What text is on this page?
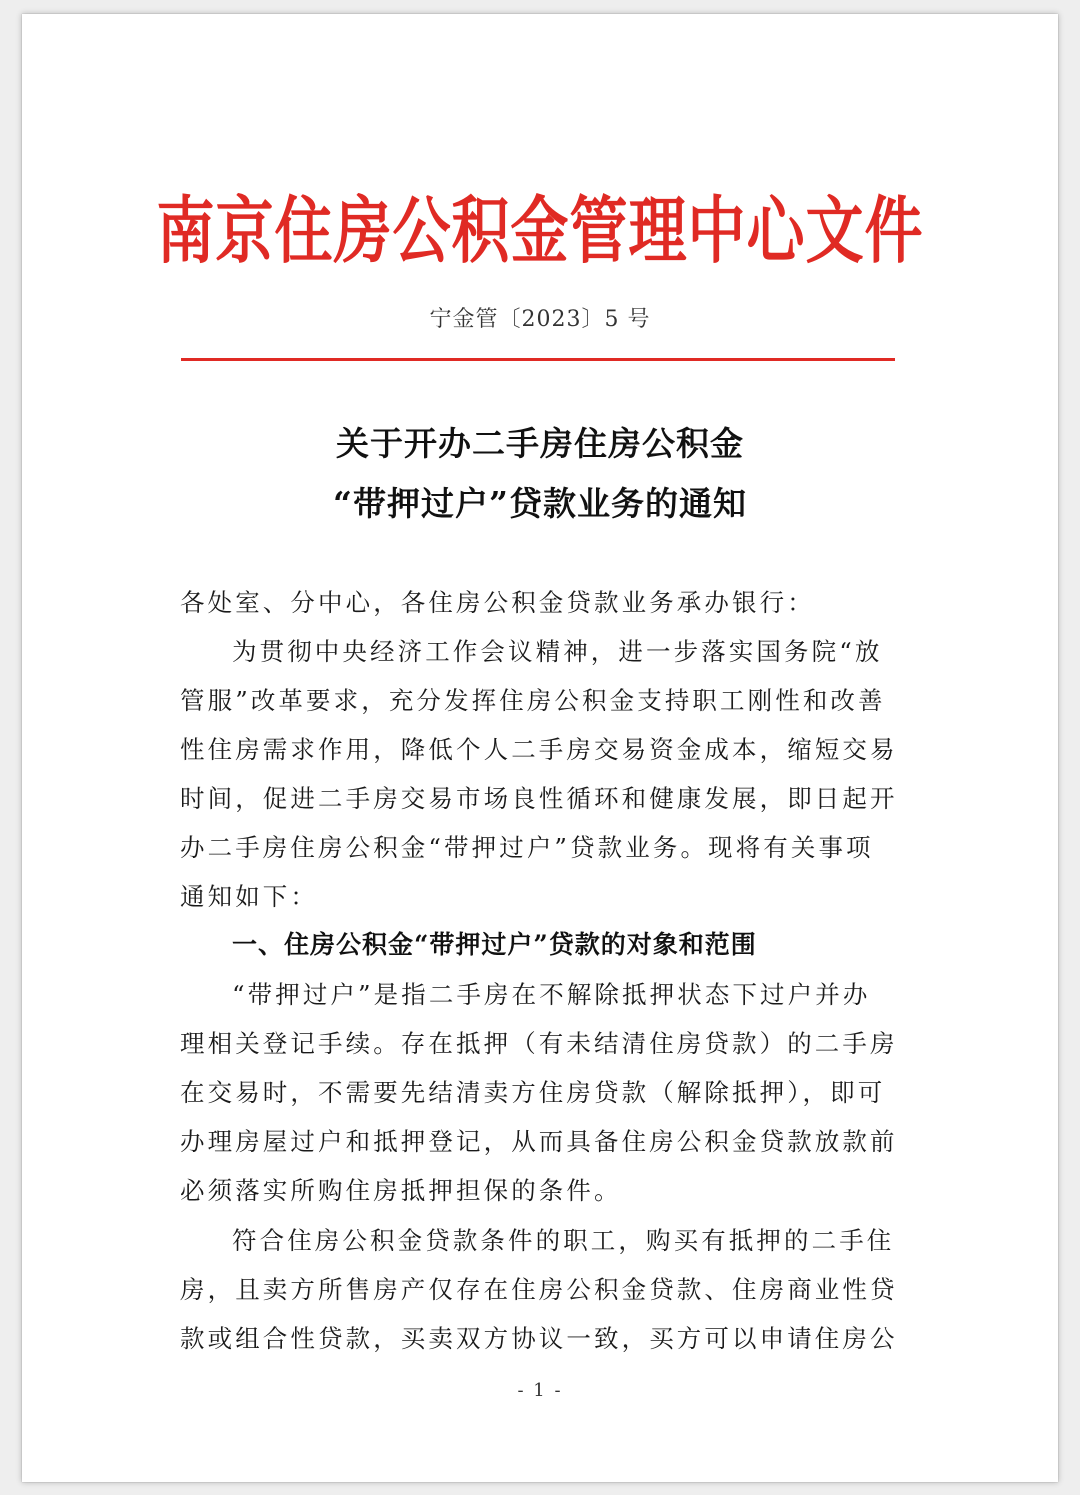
南京住房公积金管理中心文件
宁金管〔2023〕5 号
关于开办二手房住房公积金
“带押过户”贷款业务的通知
各处室、分中心，各住房公积金贷款业务承办银行：
为贯彻中央经济工作会议精神，进一步落实国务院“放
管服”改革要求，充分发挥住房公积金支持职工刚性和改善
性住房需求作用，降低个人二手房交易资金成本，缩短交易
时间，促进二手房交易市场良性循环和健康发展，即日起开
办二手房住房公积金“带押过户”贷款业务。现将有关事项
通知如下：
一、住房公积金“带押过户”贷款的对象和范围
“带押过户”是指二手房在不解除抵押状态下过户并办
理相关登记手续。存在抵押（有未结清住房贷款）的二手房
在交易时，不需要先结清卖方住房贷款（解除抵押），即可
办理房屋过户和抵押登记，从而具备住房公积金贷款放款前
必须落实所购住房抵押担保的条件。
符合住房公积金贷款条件的职工，购买有抵押的二手住
房，且卖方所售房产仅存在住房公积金贷款、住房商业性贷
款或组合性贷款，买卖双方协议一致，买方可以申请住房公
- 1 -
